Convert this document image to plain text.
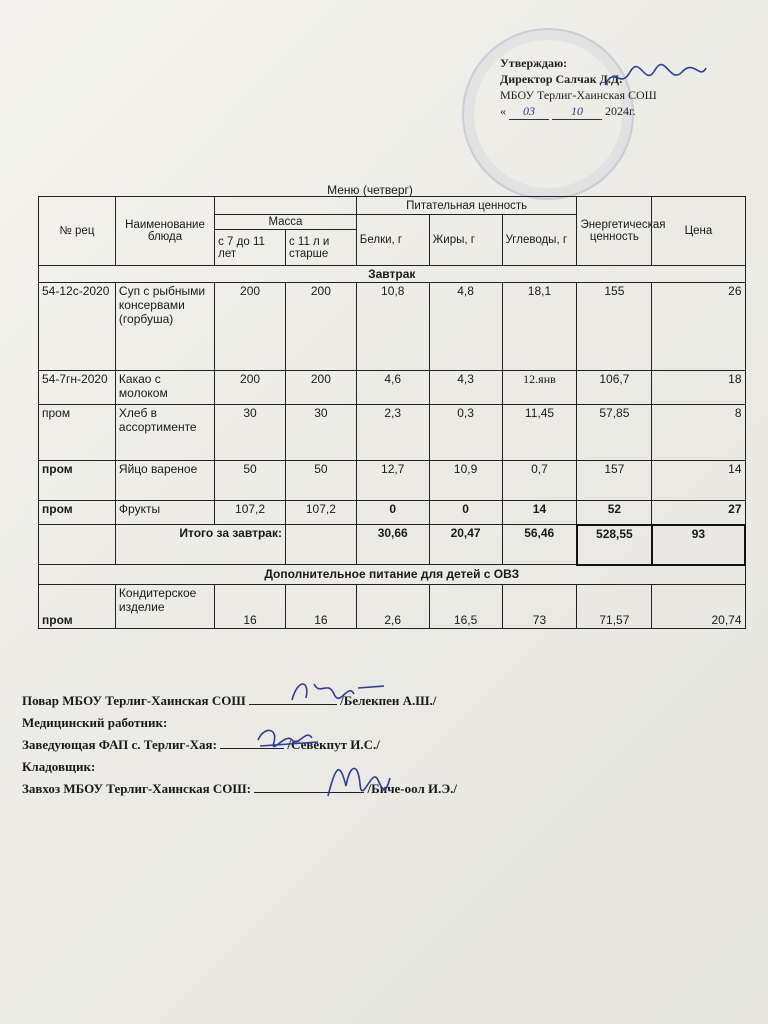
Утверждаю:
Директор Салчак Д.Д.
МБОУ Терлиг-Хаинская СОШ
« 03	10 2024г.
Меню (четверг)
№ рец	Наименование блюда			Питательная ценность			Энергетическая ценность	Цена
		Масса		Белки, г	Жиры, г	Углеводы, г		
		с 7 до 11 лет	с 11 л и старше					
Завтрак								
54-12с-2020	Суп с рыбными консервами (горбуша)	200	200	10,8	4,8	18,1	155	26
54-7гн-2020	Какао с молоком	200	200	4,6	4,3	12.янв	106,7	18
пром	Хлеб в ассортименте	30	30	2,3	0,3	11,45	57,85	8
пром	Яйцо вареное	50	50	12,7	10,9	0,7	157	14
пром	Фрукты	107,2	107,2	0	0	14	52	27
	Итого за завтрак:			30,66	20,47	56,46	528,55	93
Дополнительное питание для детей с ОВЗ								
пром	Кондитерское изделие	16	16	2,6	16,5	73	71,57	20,74
Повар МБОУ Терлиг-Хаинская СОШ	/Белекпен А.Ш./
Медицинский работник:
Заведующая ФАП с. Терлиг-Хая:	/Севекпут И.С./
Кладовщик:
Завхоз МБОУ Терлиг-Хаинская СОШ:	/Биче-оол И.Э./
